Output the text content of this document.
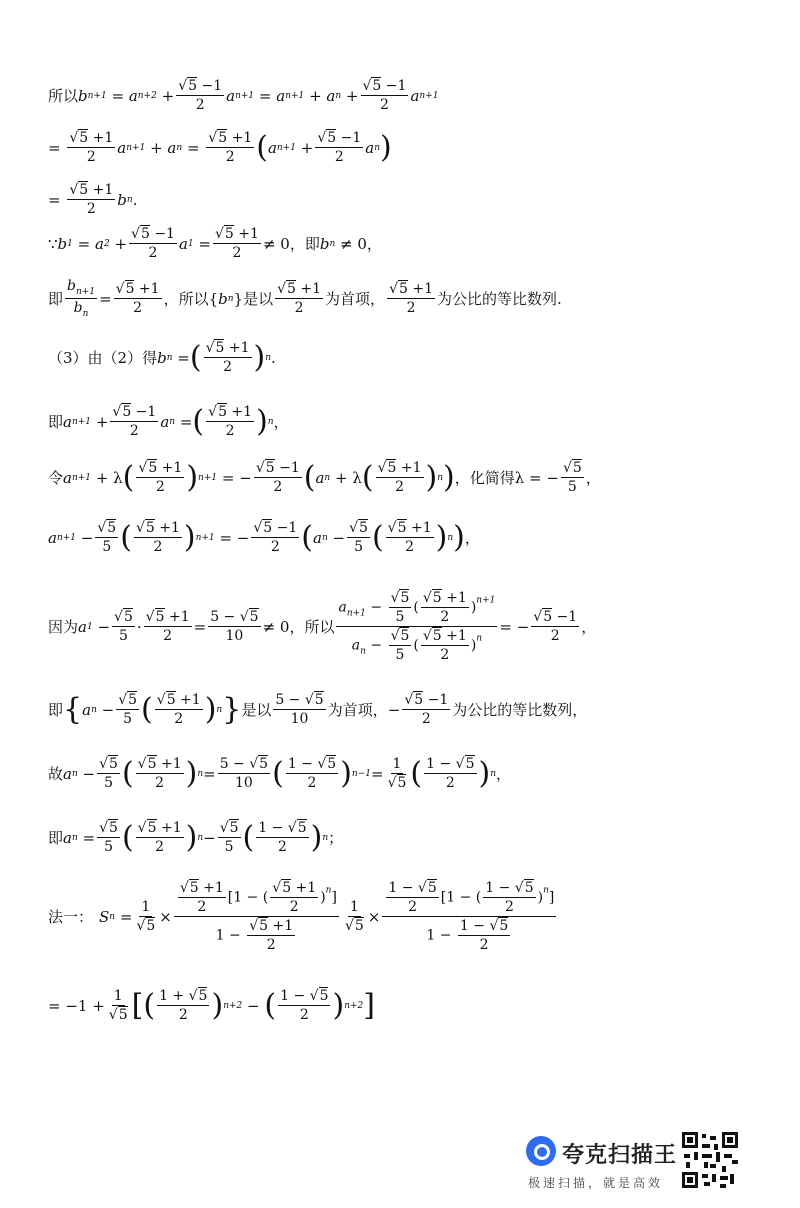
所以 b n+1 = a $n+2 + \frac{√5 -1}{2}$ a n+1 = a n+1 + a $n + \frac{√5 -1}{2}$ a n+1
= $\frac{√5 +1}{2}$ a n+1 + a $n = \frac{√5 +1}{2}$ ( a $n+1 + \frac{√5 -1}{2}$ a n )
= $\frac{√5 +1}{2}$ b n .
∵ b 1 = a $2 + \frac{√5 -1}{2}$ a $1 = \frac{√5 +1}{2} \ne 0$ ，即 b n ≠ 0，
即 $\frac{b_{n+1}}{b_n} = \frac{√5 +1}{2}$ ，所以 { b n } 是以 $\frac{√5 +1}{2}$ 为首项， $\frac{√5 +1}{2}$ 为公比的等比数列.
（3）由（2）得 b n = ( $\frac{√5 +1}{2}$ ) n .
即 a $n+1 + \frac{√5 -1}{2}$ a n = ( $\frac{√5 +1}{2}$ ) n ，
令 a n+1 + λ ( $\frac{√5 +1}{2}$ ) n+1 = − $\frac{√5 -1}{2}$ ( a n + λ ( $\frac{√5 +1}{2}$ ) n ) ，化简得 λ = − $\frac{√5}{5}$ ，
a $n+1 - \frac{√5}{5}$ ( $\frac{√5 +1}{2}$ ) n+1 = − $\frac{√5 -1}{2}$ ( a $n - \frac{√5}{5}$ ( $\frac{√5 +1}{2}$ ) n ) ，
因为 a $1 - \frac{√5}{5} \cdot \frac{√5 +1}{2} = \frac{5 - √5}{10} \ne 0$ ，所以 $\frac{a_{n+1} - \frac{√5}{5} ( \frac{√5 +1}{2} )^{n+1}}{a_n - \frac{√5}{5} ( \frac{√5 +1}{2} )^n}$ = − $\frac{√5 -1}{2}$ ，
即 { a $n - \frac{√5}{5}$ ( $\frac{√5 +1}{2}$ ) n } 是以 $\frac{5 - √5}{10}$ 为首项， − $\frac{√5 -1}{2}$ 为公比的等比数列，
故 a $n - \frac{√5}{5}$ ( $\frac{√5 +1}{2}$ ) $n = \frac{5 - √5}{10}$ ( $\frac{1 - √5}{2}$ ) $n-1 = \frac{1}{√5}$ ( $\frac{1 - √5}{2}$ ) n ，
即 a $n = \frac{√5}{5}$ ( $\frac{√5 +1}{2}$ ) $n - \frac{√5}{5}$ ( $\frac{1 - √5}{2}$ ) n ；
法一： S $n = \frac{1}{√5} \times \frac{\frac{√5 +1}{2} [1 - ( \frac{√5 +1}{2} )^n]}{1 - \frac{√5 +1}{2}} \frac{1}{√5} \times \frac{\frac{1 - √5}{2} [1 - ( \frac{1 - √5}{2} )^n]}{1 - \frac{1 - √5}{2}}$
= $-1 + \frac{1}{√5}$ [ ( $\frac{1 + √5}{2}$ ) n+2 − ( $\frac{1 - √5}{2}$ ) n+2 ]
夸克扫描王
极速扫描，就是高效
